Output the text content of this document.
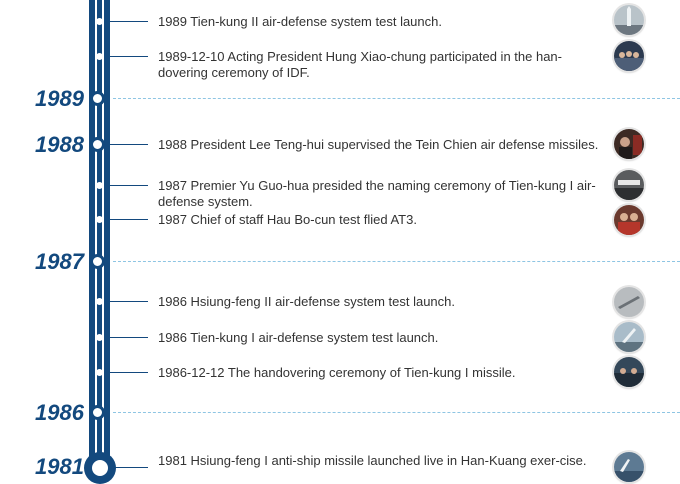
1989
1988
1987
1986
1981
1989 Tien-kung II air-defense system test launch.
1989-12-10 Acting President Hung Xiao-chung participated in the han-dovering ceremony of IDF.
1988 President Lee Teng-hui supervised the Tein Chien air defense missiles.
1987 Premier Yu Guo-hua presided the naming ceremony of Tien-kung I air-defense system.
1987 Chief of staff Hau Bo-cun test flied AT3.
1986 Hsiung-feng II air-defense system test launch.
1986 Tien-kung I air-defense system test launch.
1986-12-12 The handovering ceremony of Tien-kung I missile.
1981 Hsiung-feng I anti-ship missile launched live in Han-Kuang exer-cise.
